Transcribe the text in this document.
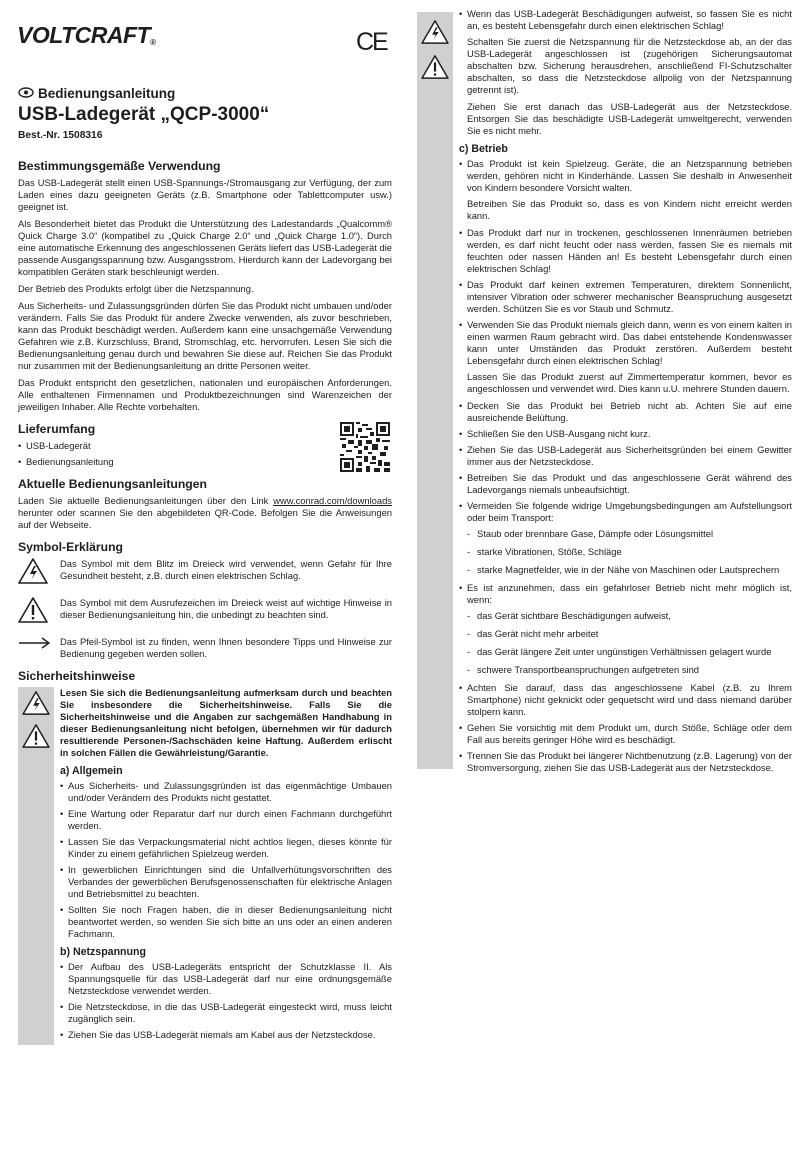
VOLTCRAFT®	CE
Bedienungsanleitung
USB-Ladegerät „QCP-3000“
Best.-Nr. 1508316
Bestimmungsgemäße Verwendung

Das USB-Ladegerät stellt einen USB-Spannungs-/Stromausgang zur Verfügung, der zum Laden eines dazu geeigneten Geräts (z.B. Smartphone oder Tablettcomputer usw.) geeignet ist.

Als Besonderheit bietet das Produkt die Unterstützung des Ladestandards „Qualcomm® Quick Charge 3.0“ (kompatibel zu „Quick Charge 2.0“ und „Quick Charge 1.0“). Durch eine automatische Erkennung des angeschlossenen Geräts liefert das USB-Ladegerät die passende Ausgangsspannung bzw. Ausgangsstrom. Hierdurch kann der Ladevorgang bei kompatiblen Geräten stark beschleunigt werden.

Der Betrieb des Produkts erfolgt über die Netzspannung.

Aus Sicherheits- und Zulassungsgründen dürfen Sie das Produkt nicht umbauen und/oder verändern. Falls Sie das Produkt für andere Zwecke verwenden, als zuvor beschrieben, kann das Produkt beschädigt werden. Außerdem kann eine unsachgemäße Verwendung Gefahren wie z.B. Kurzschluss, Brand, Stromschlag, etc. hervorrufen. Lesen Sie sich die Bedienungsanleitung genau durch und bewahren Sie diese auf. Reichen Sie das Produkt nur zusammen mit der Bedienungsanleitung an dritte Personen weiter.

Das Produkt entspricht den gesetzlichen, nationalen und europäischen Anforderungen. Alle enthaltenen Firmennamen und Produktbezeichnungen sind Warenzeichen der jeweiligen Inhaber. Alle Rechte vorbehalten.

Lieferumfang
• USB-Ladegerät
• Bedienungsanleitung
Aktuelle Bedienungsanleitungen

Laden Sie aktuelle Bedienungsanleitungen über den Link www.conrad.com/downloads herunter oder scannen Sie den abgebildeten QR-Code. Befolgen Sie die Anweisungen auf der Webseite.

Symbol-Erklärung

Das Symbol mit dem Blitz im Dreieck wird verwendet, wenn Gefahr für Ihre Gesundheit besteht, z.B. durch einen elektrischen Schlag.

Das Symbol mit dem Ausrufezeichen im Dreieck weist auf wichtige Hinweise in dieser Bedienungsanleitung hin, die unbedingt zu beachten sind.

Das Pfeil-Symbol ist zu finden, wenn Ihnen besondere Tipps und Hinweise zur Bedienung gegeben werden sollen.

Sicherheitshinweise

Lesen Sie sich die Bedienungsanleitung aufmerksam durch und beachten Sie insbesondere die Sicherheitshinweise. Falls Sie die Sicherheitshinweise und die Angaben zur sachgemäßen Handhabung in dieser Bedienungsanleitung nicht befolgen, übernehmen wir für dadurch resultierende Personen-/Sachschäden keine Haftung. Außerdem erlischt in solchen Fällen die Gewährleistung/Garantie.

a) Allgemein
• Aus Sicherheits- und Zulassungsgründen ist das eigenmächtige Umbauen und/oder Verändern des Produkts nicht gestattet.
• Eine Wartung oder Reparatur darf nur durch einen Fachmann durchgeführt werden.
• Lassen Sie das Verpackungsmaterial nicht achtlos liegen, dieses könnte für Kinder zu einem gefährlichen Spielzeug werden.
• In gewerblichen Einrichtungen sind die Unfallverhütungsvorschriften des Verbandes der gewerblichen Berufsgenossenschaften für elektrische Anlagen und Betriebsmittel zu beachten.
• Sollten Sie noch Fragen haben, die in dieser Bedienungsanleitung nicht beantwortet werden, so wenden Sie sich bitte an uns oder an einen anderen Fachmann.
b) Netzspannung
• Der Aufbau des USB-Ladegeräts entspricht der Schutzklasse II. Als Spannungsquelle für das USB-Ladegerät darf nur eine ordnungsgemäße Netzsteckdose verwendet werden.
• Die Netzsteckdose, in die das USB-Ladegerät eingesteckt wird, muss leicht zugänglich sein.
• Ziehen Sie das USB-Ladegerät niemals am Kabel aus der Netzsteckdose.
• Wenn das USB-Ladegerät Beschädigungen aufweist, so fassen Sie es nicht an, es besteht Lebensgefahr durch einen elektrischen Schlag!

Schalten Sie zuerst die Netzspannung für die Netzsteckdose ab, an der das USB-Ladegerät angeschlossen ist (zugehörigen Sicherungsautomat abschalten bzw. Sicherung herausdrehen, anschließend FI-Schutzschalter abschalten, so dass die Netzsteckdose allpolig von der Netzspannung getrennt ist).

Ziehen Sie erst danach das USB-Ladegerät aus der Netzsteckdose. Entsorgen Sie das beschädigte USB-Ladegerät umweltgerecht, verwenden Sie es nicht mehr.

c) Betrieb
• Das Produkt ist kein Spielzeug. Geräte, die an Netzspannung betrieben werden, gehören nicht in Kinderhände. Lassen Sie deshalb in Anwesenheit von Kindern besondere Vorsicht walten.

Betreiben Sie das Produkt so, dass es von Kindern nicht erreicht werden kann.

• Das Produkt darf nur in trockenen, geschlossenen Innenräumen betrieben werden, es darf nicht feucht oder nass werden, fassen Sie es niemals mit feuchten oder nassen Händen an! Es besteht Lebensgefahr durch einen elektrischen Schlag!
• Das Produkt darf keinen extremen Temperaturen, direktem Sonnenlicht, intensiver Vibration oder schwerer mechanischer Beanspruchung ausgesetzt werden. Schützen Sie es vor Staub und Schmutz.
• Verwenden Sie das Produkt niemals gleich dann, wenn es von einem kalten in einen warmen Raum gebracht wird. Das dabei entstehende Kondenswasser kann unter Umständen das Produkt zerstören. Außerdem besteht Lebensgefahr durch einen elektrischen Schlag!

Lassen Sie das Produkt zuerst auf Zimmertemperatur kommen, bevor es angeschlossen und verwendet wird. Dies kann u.U. mehrere Stunden dauern.

• Decken Sie das Produkt bei Betrieb nicht ab. Achten Sie auf eine ausreichende Belüftung.
• Schließen Sie den USB-Ausgang nicht kurz.
• Ziehen Sie das USB-Ladegerät aus Sicherheitsgründen bei einem Gewitter immer aus der Netzsteckdose.
• Betreiben Sie das Produkt und das angeschlossene Gerät während des Ladevorgangs niemals unbeaufsichtigt.
• Vermeiden Sie folgende widrige Umgebungsbedingungen am Aufstellungsort oder beim Transport:
- Staub oder brennbare Gase, Dämpfe oder Lösungsmittel
- starke Vibrationen, Stöße, Schläge
- starke Magnetfelder, wie in der Nähe von Maschinen oder Lautsprechern
• Es ist anzunehmen, dass ein gefahrloser Betrieb nicht mehr möglich ist, wenn:
- das Gerät sichtbare Beschädigungen aufweist,
- das Gerät nicht mehr arbeitet
- das Gerät längere Zeit unter ungünstigen Verhältnissen gelagert wurde
- schwere Transportbeanspruchungen aufgetreten sind
• Achten Sie darauf, dass das angeschlossene Kabel (z.B. zu Ihrem Smartphone) nicht geknickt oder gequetscht wird und dass niemand darüber stolpern kann.
• Gehen Sie vorsichtig mit dem Produkt um, durch Stöße, Schläge oder dem Fall aus bereits geringer Höhe wird es beschädigt.
• Trennen Sie das Produkt bei längerer Nichtbenutzung (z.B. Lagerung) von der Stromversorgung, ziehen Sie das USB-Ladegerät aus der Netzsteckdose.
